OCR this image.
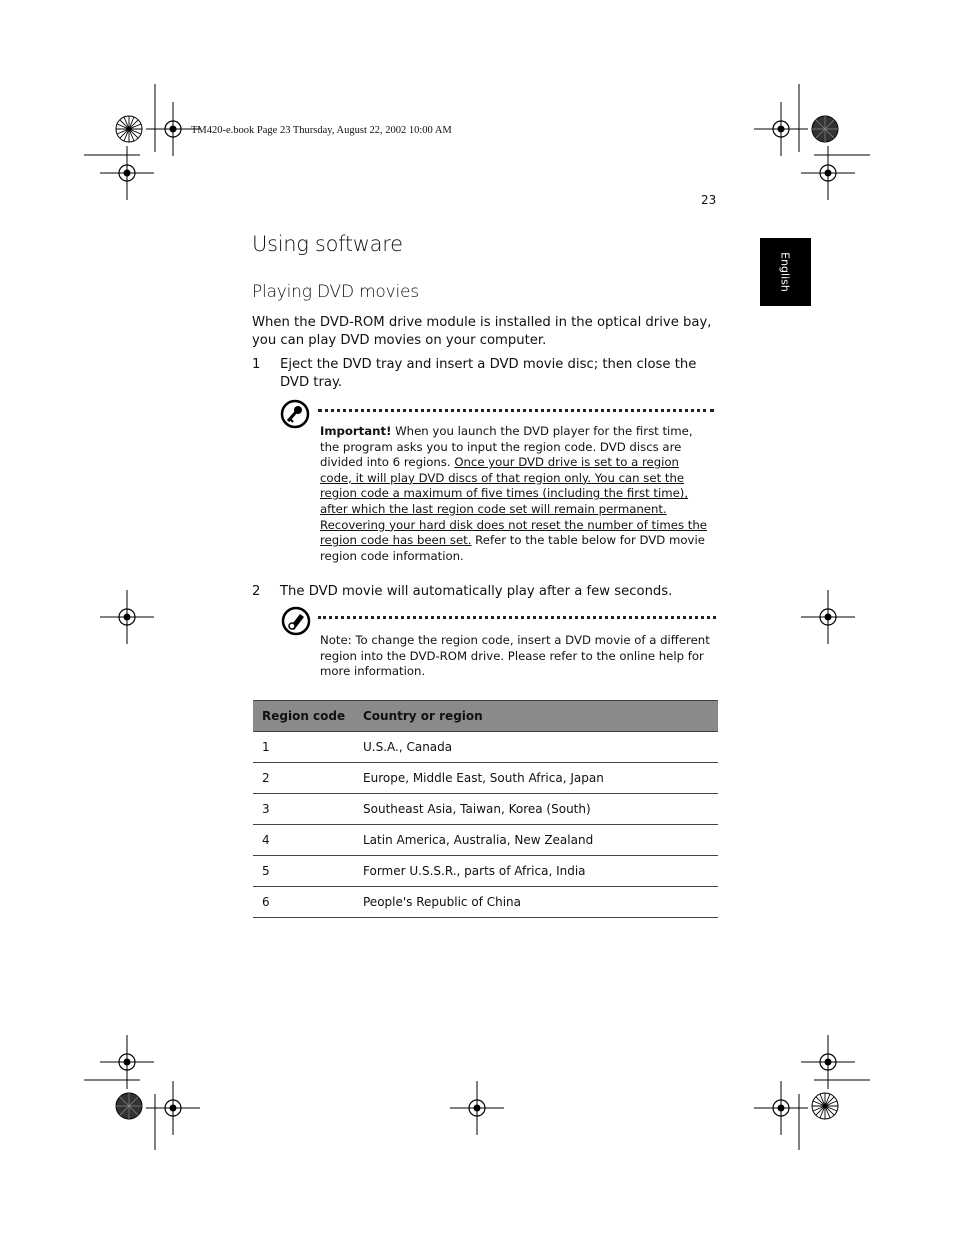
TM420-e.book Page 23 Thursday, August 22, 2002 10:00 AM
23
English
Using software
Playing DVD movies
When the DVD-ROM drive module is installed in the optical drive bay, you can play DVD movies on your computer.
1 Eject the DVD tray and insert a DVD movie disc; then close the DVD tray.
Important! When you launch the DVD player for the first time, the program asks you to input the region code. DVD discs are divided into 6 regions. Once your DVD drive is set to a region code, it will play DVD discs of that region only. You can set the region code a maximum of five times (including the first time), after which the last region code set will remain permanent. Recovering your hard disk does not reset the number of times the region code has been set. Refer to the table below for DVD movie region code information.
2 The DVD movie will automatically play after a few seconds.
Note: To change the region code, insert a DVD movie of a different region into the DVD-ROM drive. Please refer to the online help for more information.
Region code	Country or region
1	U.S.A., Canada
2	Europe, Middle East, South Africa, Japan
3	Southeast Asia, Taiwan, Korea (South)
4	Latin America, Australia, New Zealand
5	Former U.S.S.R., parts of Africa, India
6	People's Republic of China
